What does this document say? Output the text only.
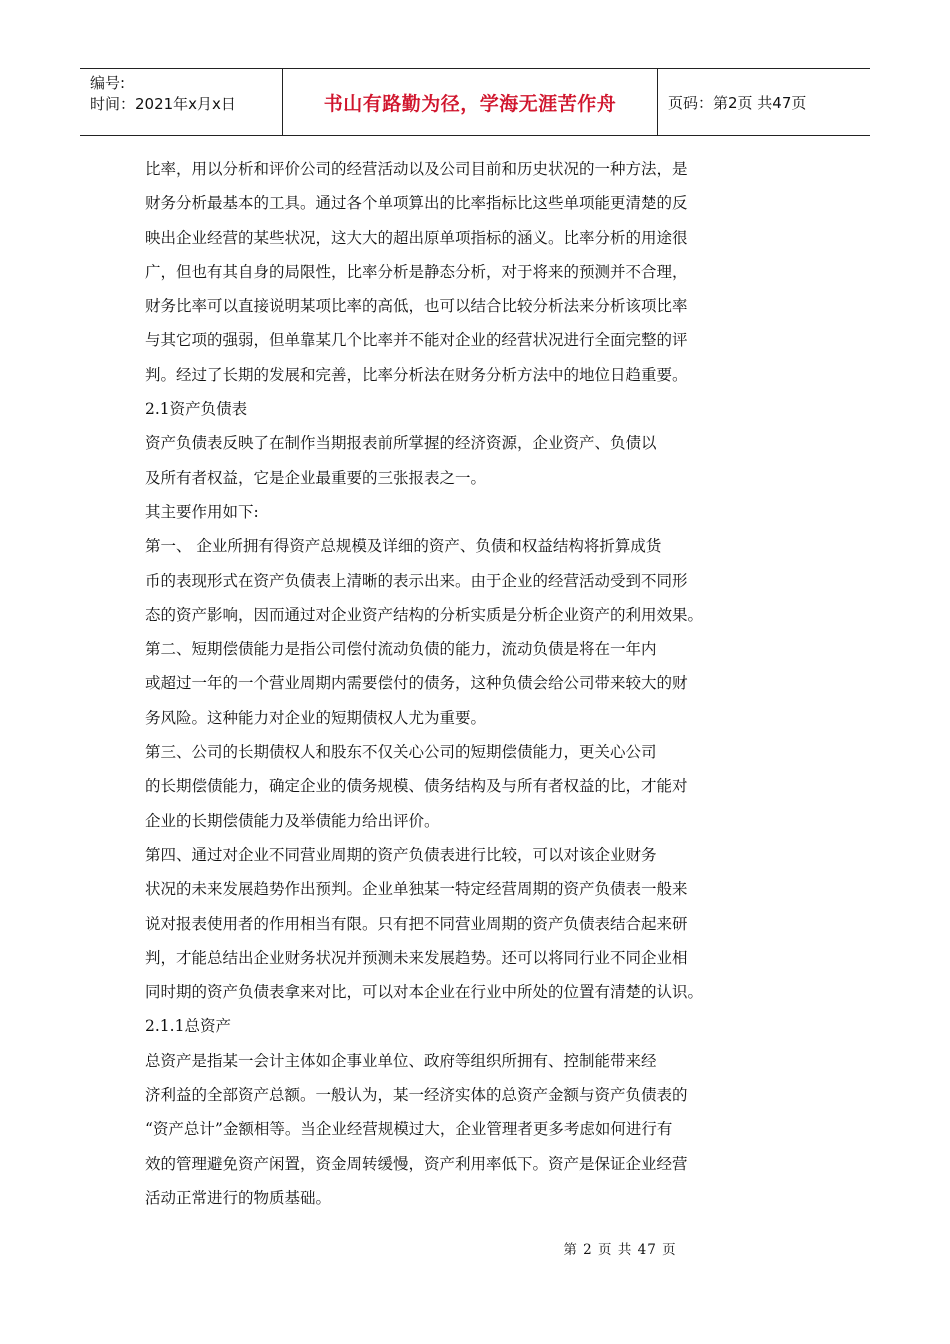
编号:
时间：2021年x月x日	书山有路勤为径，学海无涯苦作舟	页码：第2页 共47页
比率，用以分析和评价公司的经营活动以及公司目前和历史状况的一种方法，是
财务分析最基本的工具。通过各个单项算出的比率指标比这些单项能更清楚的反
映出企业经营的某些状况，这大大的超出原单项指标的涵义。比率分析的用途很
广，但也有其自身的局限性，比率分析是静态分析，对于将来的预测并不合理，
财务比率可以直接说明某项比率的高低，也可以结合比较分析法来分析该项比率
与其它项的强弱，但单靠某几个比率并不能对企业的经营状况进行全面完整的评
判。经过了长期的发展和完善，比率分析法在财务分析方法中的地位日趋重要。
2.1资产负债表
资产负债表反映了在制作当期报表前所掌握的经济资源，企业资产、负债以
及所有者权益，它是企业最重要的三张报表之一。
其主要作用如下:
第一、 企业所拥有得资产总规模及详细的资产、负债和权益结构将折算成货
币的表现形式在资产负债表上清晰的表示出来。由于企业的经营活动受到不同形
态的资产影响，因而通过对企业资产结构的分析实质是分析企业资产的利用效果。
第二、短期偿债能力是指公司偿付流动负债的能力，流动负债是将在一年内
或超过一年的一个营业周期内需要偿付的债务，这种负债会给公司带来较大的财
务风险。这种能力对企业的短期债权人尤为重要。
第三、公司的长期债权人和股东不仅关心公司的短期偿债能力，更关心公司
的长期偿债能力，确定企业的债务规模、债务结构及与所有者权益的比，才能对
企业的长期偿债能力及举债能力给出评价。
第四、通过对企业不同营业周期的资产负债表进行比较，可以对该企业财务
状况的未来发展趋势作出预判。企业单独某一特定经营周期的资产负债表一般来
说对报表使用者的作用相当有限。只有把不同营业周期的资产负债表结合起来研
判，才能总结出企业财务状况并预测未来发展趋势。还可以将同行业不同企业相
同时期的资产负债表拿来对比，可以对本企业在行业中所处的位置有清楚的认识。
2.1.1总资产
总资产是指某一会计主体如企事业单位、政府等组织所拥有、控制能带来经
济利益的全部资产总额。一般认为，某一经济实体的总资产金额与资产负债表的
“资产总计”金额相等。当企业经营规模过大，企业管理者更多考虑如何进行有
效的管理避免资产闲置，资金周转缓慢，资产利用率低下。资产是保证企业经营
活动正常进行的物质基础。
第 2 页 共 47 页
